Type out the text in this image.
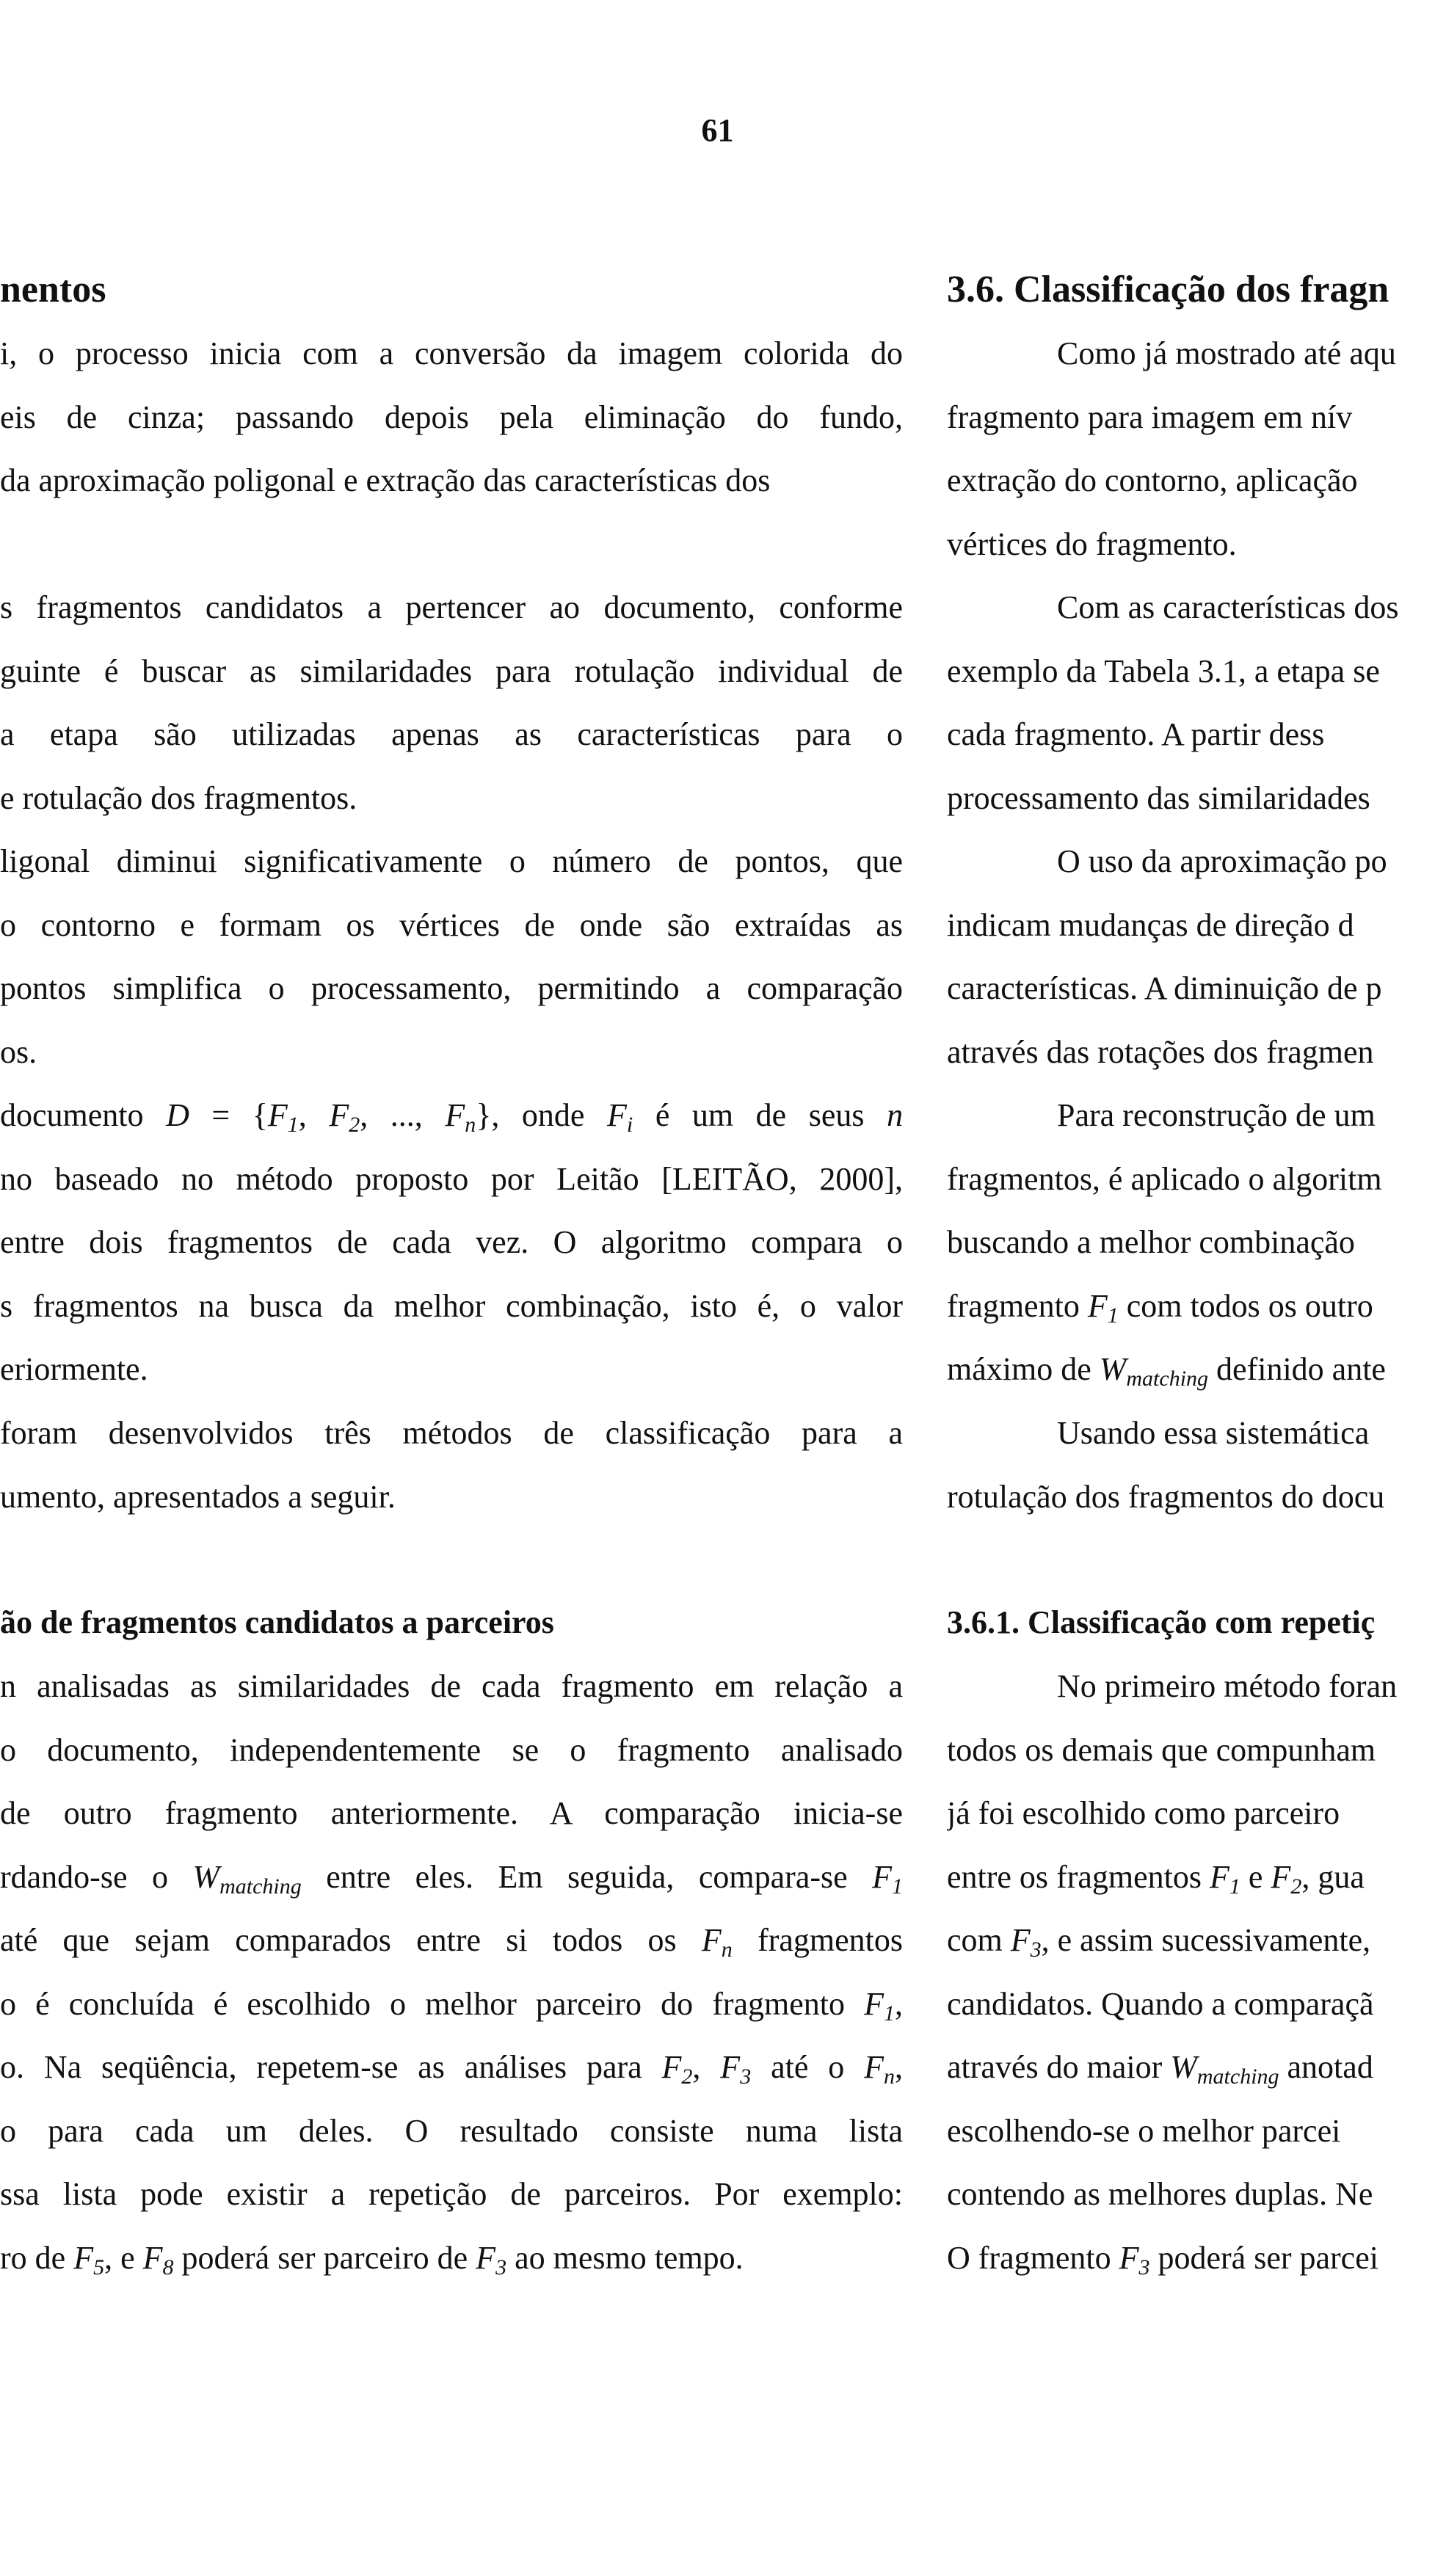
61
nentos
i, o processo inicia com a conversão da imagem colorida do
eis de cinza; passando depois pela eliminação do fundo,
da aproximação poligonal e extração das características dos
s fragmentos candidatos a pertencer ao documento, conforme
guinte é buscar as similaridades para rotulação individual de
a etapa são utilizadas apenas as características para o
e rotulação dos fragmentos.
ligonal diminui significativamente o número de pontos, que
o contorno e formam os vértices de onde são extraídas as
pontos simplifica o processamento, permitindo a comparação
os.
documento $D = \{F_1$, $F_2$, ..., $F_n$}, onde $F_i$ é um de seus n
no baseado no método proposto por Leitão [LEITÃO, 2000],
entre dois fragmentos de cada vez. O algoritmo compara o
s fragmentos na busca da melhor combinação, isto é, o valor
eriormente.
foram desenvolvidos três métodos de classificação para a
umento, apresentados a seguir.
ão de fragmentos candidatos a parceiros
n analisadas as similaridades de cada fragmento em relação a
o documento, independentemente se o fragmento analisado
de outro fragmento anteriormente. A comparação inicia-se
rdando-se o $W_{matching}$ entre eles. Em seguida, compara-se $F_1$
até que sejam comparados entre si todos os $F_n$ fragmentos
o é concluída é escolhido o melhor parceiro do fragmento $F_1$,
o. Na seqüência, repetem-se as análises para $F_2$, $F_3$ até o $F_n$,
o para cada um deles. O resultado consiste numa lista
ssa lista pode existir a repetição de parceiros. Por exemplo:
ro de $F_5$, e $F_8$ poderá ser parceiro de $F_3$ ao mesmo tempo.
3.6. Classificação dos fragn
Como já mostrado até aqu
fragmento para imagem em nív
extração do contorno, aplicação
vértices do fragmento.
Com as características dos
exemplo da Tabela 3.1, a etapa se
cada fragmento. A partir dess
processamento das similaridades
O uso da aproximação po
indicam mudanças de direção d
características. A diminuição de p
através das rotações dos fragmen
Para reconstrução de um
fragmentos, é aplicado o algoritm
buscando a melhor combinação
fragmento $F_1$ com todos os outro
máximo de $W_{matching}$ definido ante
Usando essa sistemática
rotulação dos fragmentos do docu
3.6.1. Classificação com repetiç
No primeiro método foran
todos os demais que compunham
já foi escolhido como parceiro
entre os fragmentos $F_1$ e $F_2$, gua
com $F_3$, e assim sucessivamente,
candidatos. Quando a comparaçã
através do maior $W_{matching}$ anotad
escolhendo-se o melhor parcei
contendo as melhores duplas. Ne
O fragmento $F_3$ poderá ser parcei
